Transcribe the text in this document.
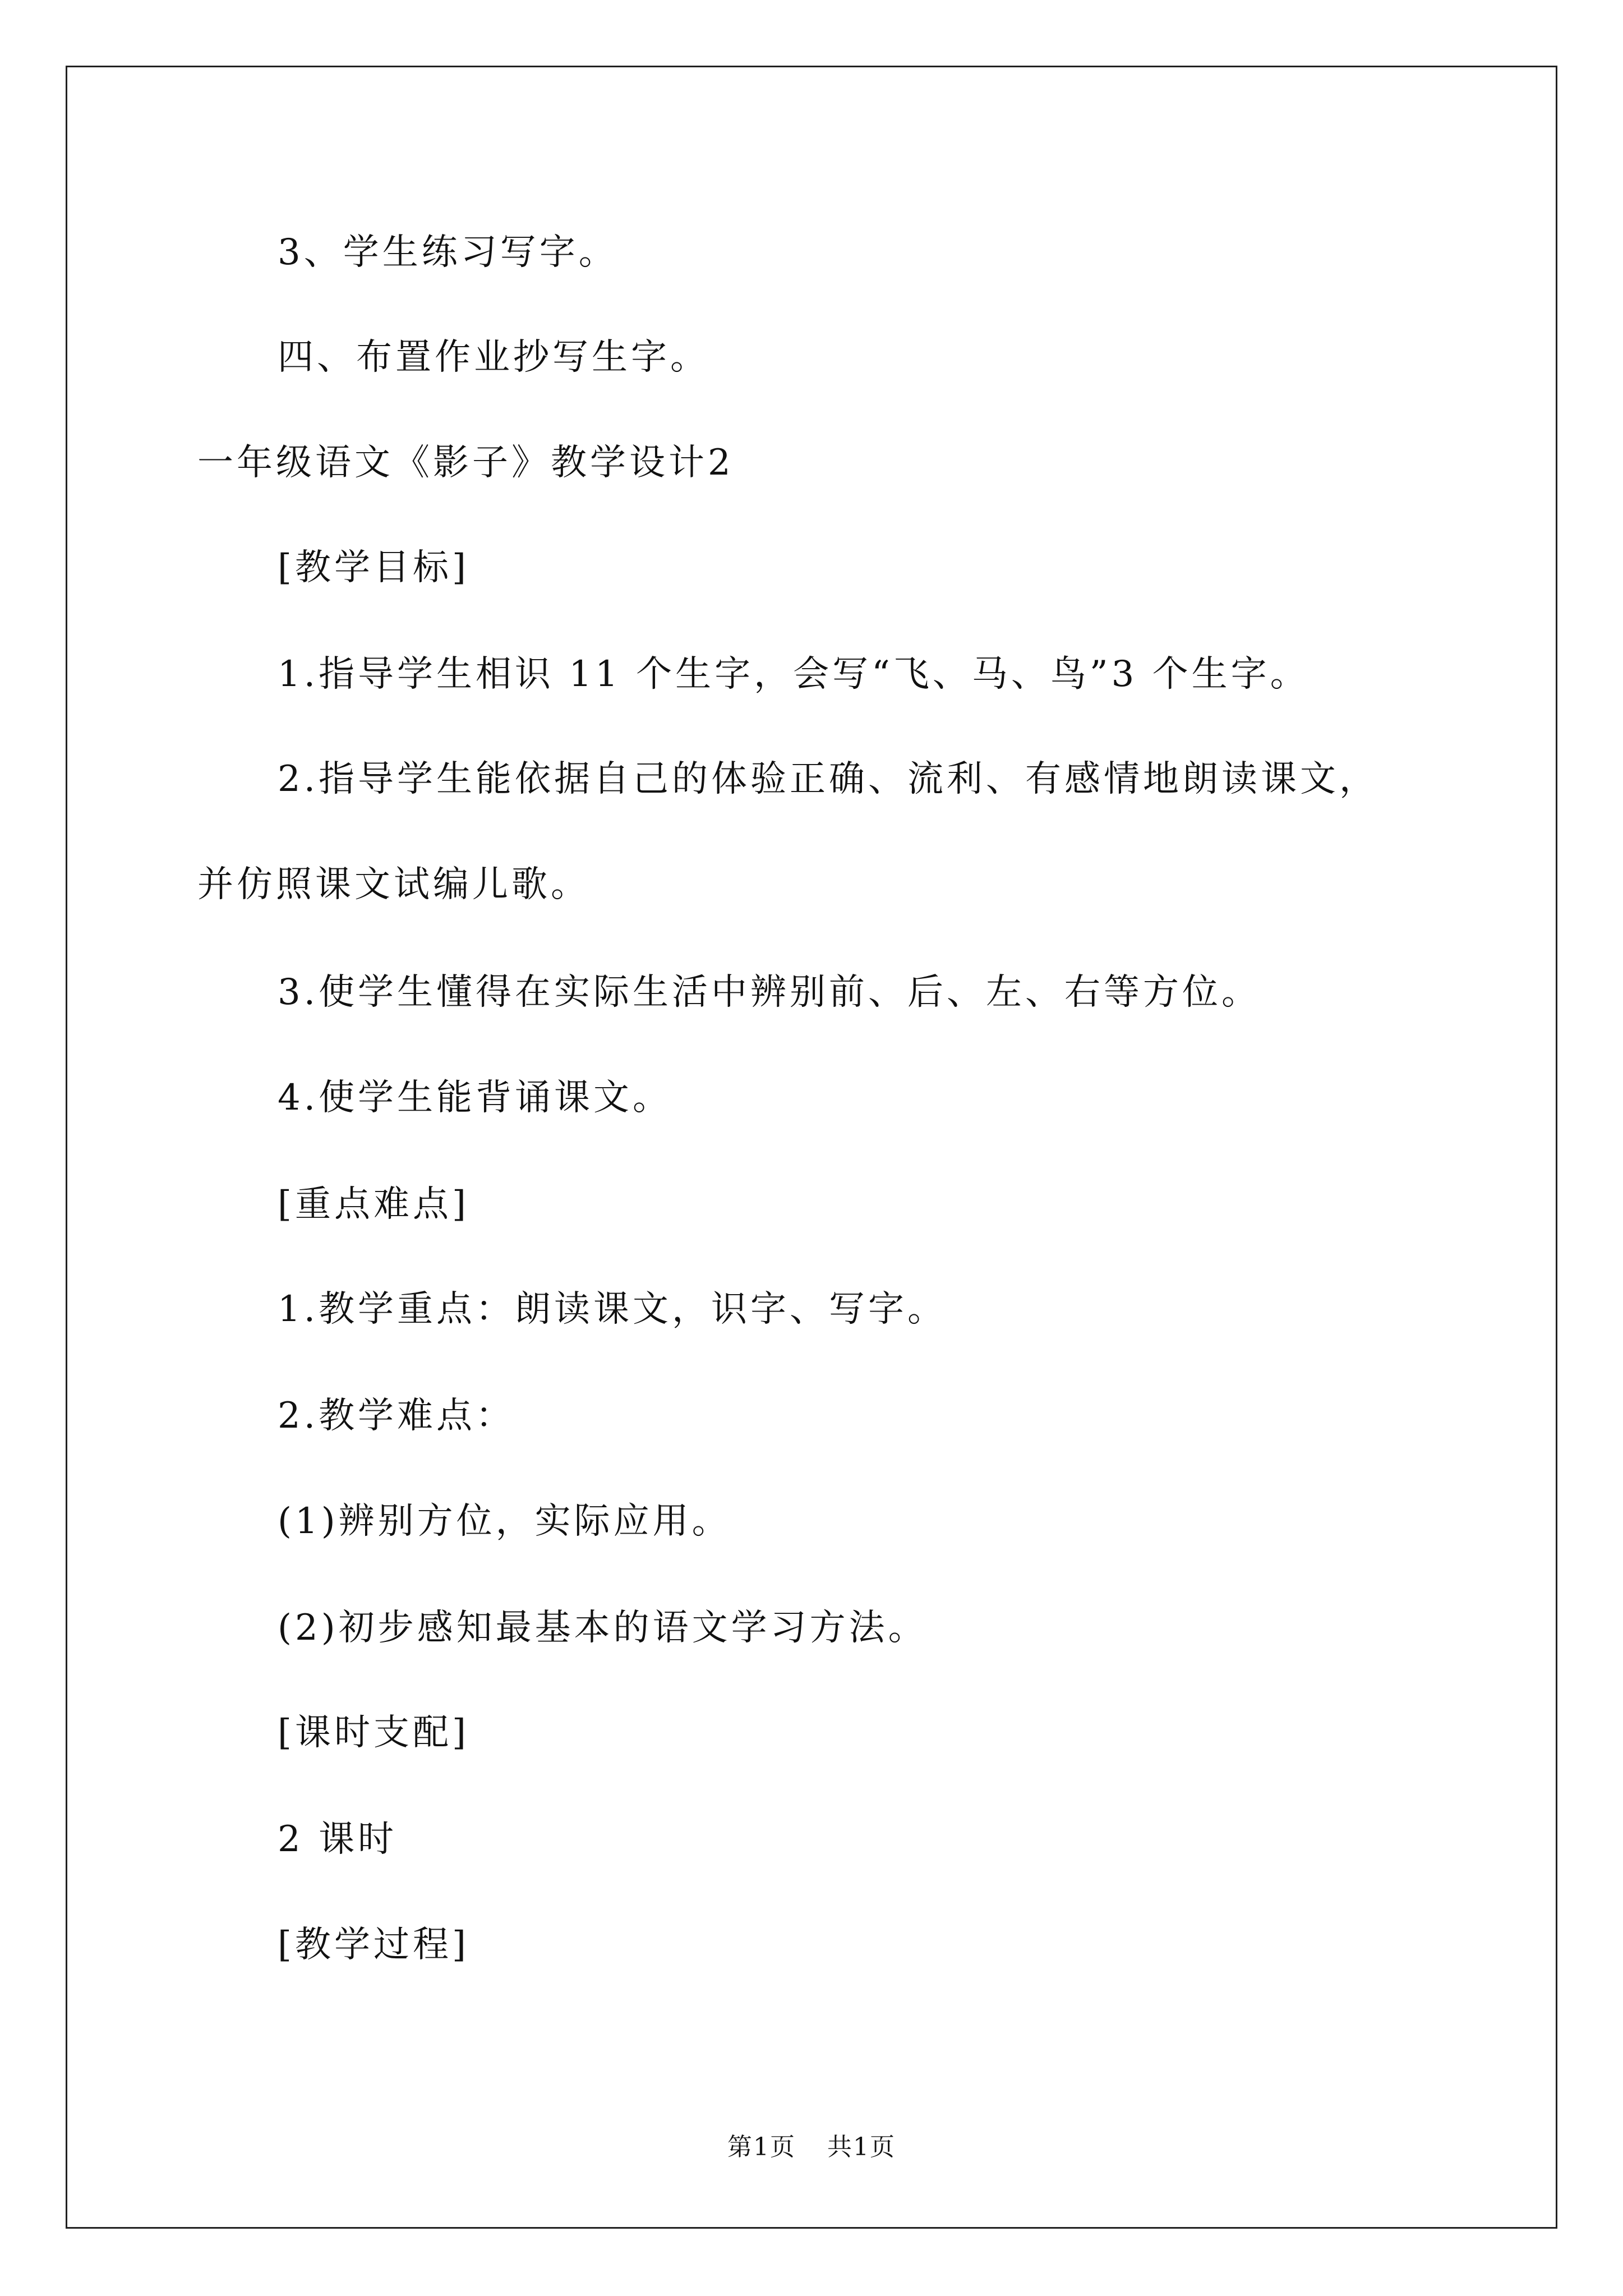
3、学生练习写字。
四、布置作业抄写生字。
一年级语文《影子》教学设计2
[教学目标]
1.指导学生相识 11 个生字，会写“飞、马、鸟”3 个生字。
2.指导学生能依据自己的体验正确、流利、有感情地朗读课文，
并仿照课文试编儿歌。
3.使学生懂得在实际生活中辨别前、后、左、右等方位。
4.使学生能背诵课文。
[重点难点]
1.教学重点：朗读课文，识字、写字。
2.教学难点：
(1)辨别方位，实际应用。
(2)初步感知最基本的语文学习方法。
[课时支配]
2 课时
[教学过程]
第1页 共1页
